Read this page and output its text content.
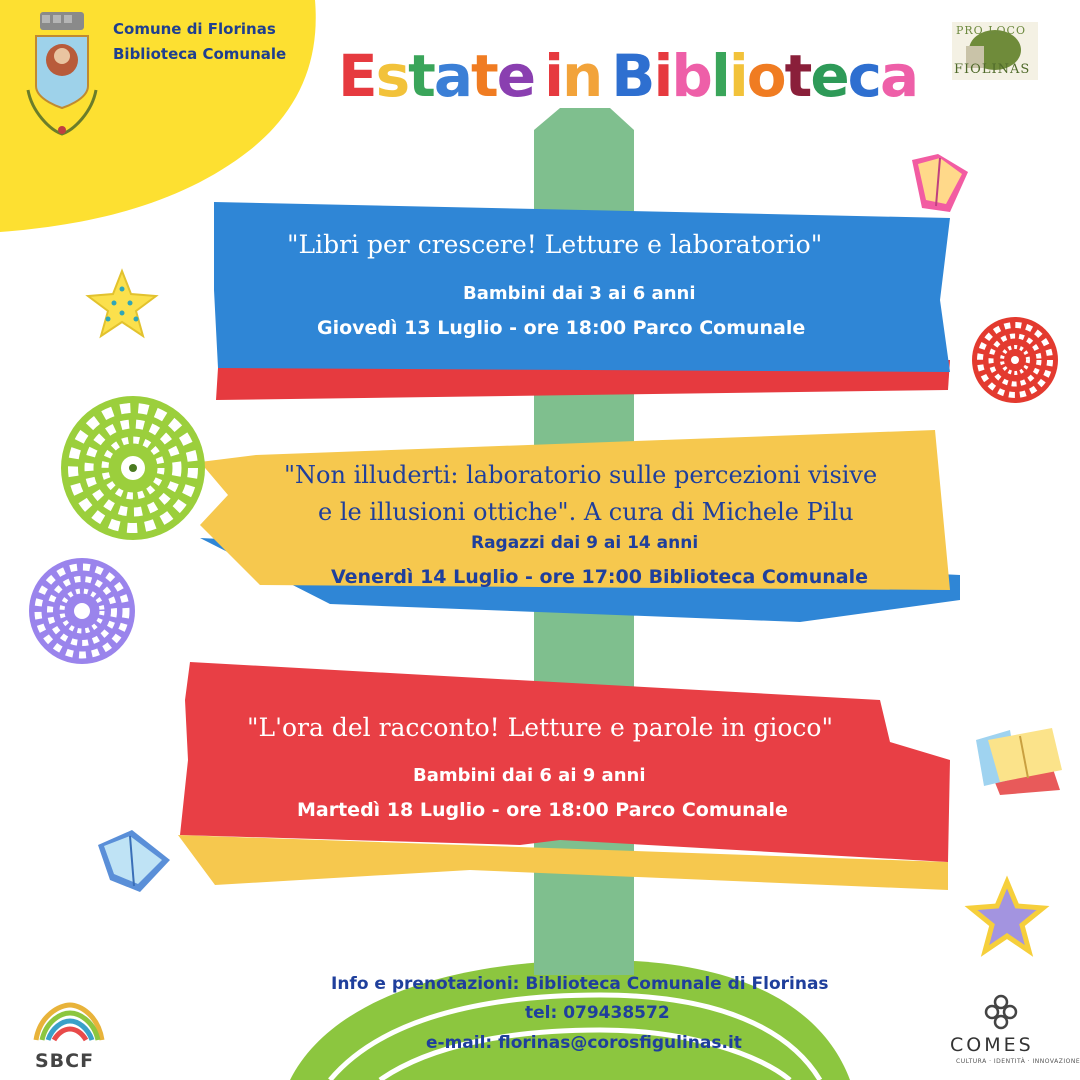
Comune di Florinas
Biblioteca Comunale Estate in Biblioteca
PRO LOCO
FIOLINAS
"Libri per crescere! Letture e laboratorio"
Bambini dai 3 ai 6 anni
Giovedì 13 Luglio - ore 18:00 Parco Comunale
"Non illuderti: laboratorio sulle percezioni visive
e le illusioni ottiche". A cura di Michele Pilu
Ragazzi dai 9 ai 14 anni
Venerdì 14 Luglio - ore 17:00 Biblioteca Comunale
"L'ora del racconto! Letture e parole in gioco"
Bambini dai 6 ai 9 anni
Martedì 18 Luglio - ore 18:00 Parco Comunale
Info e prenotazioni: Biblioteca Comunale di Florinas
tel: 079438572
e-mail: florinas@corosfigulinas.it
SBCF
COMES
CULTURA · IDENTITÀ · INNOVAZIONE
